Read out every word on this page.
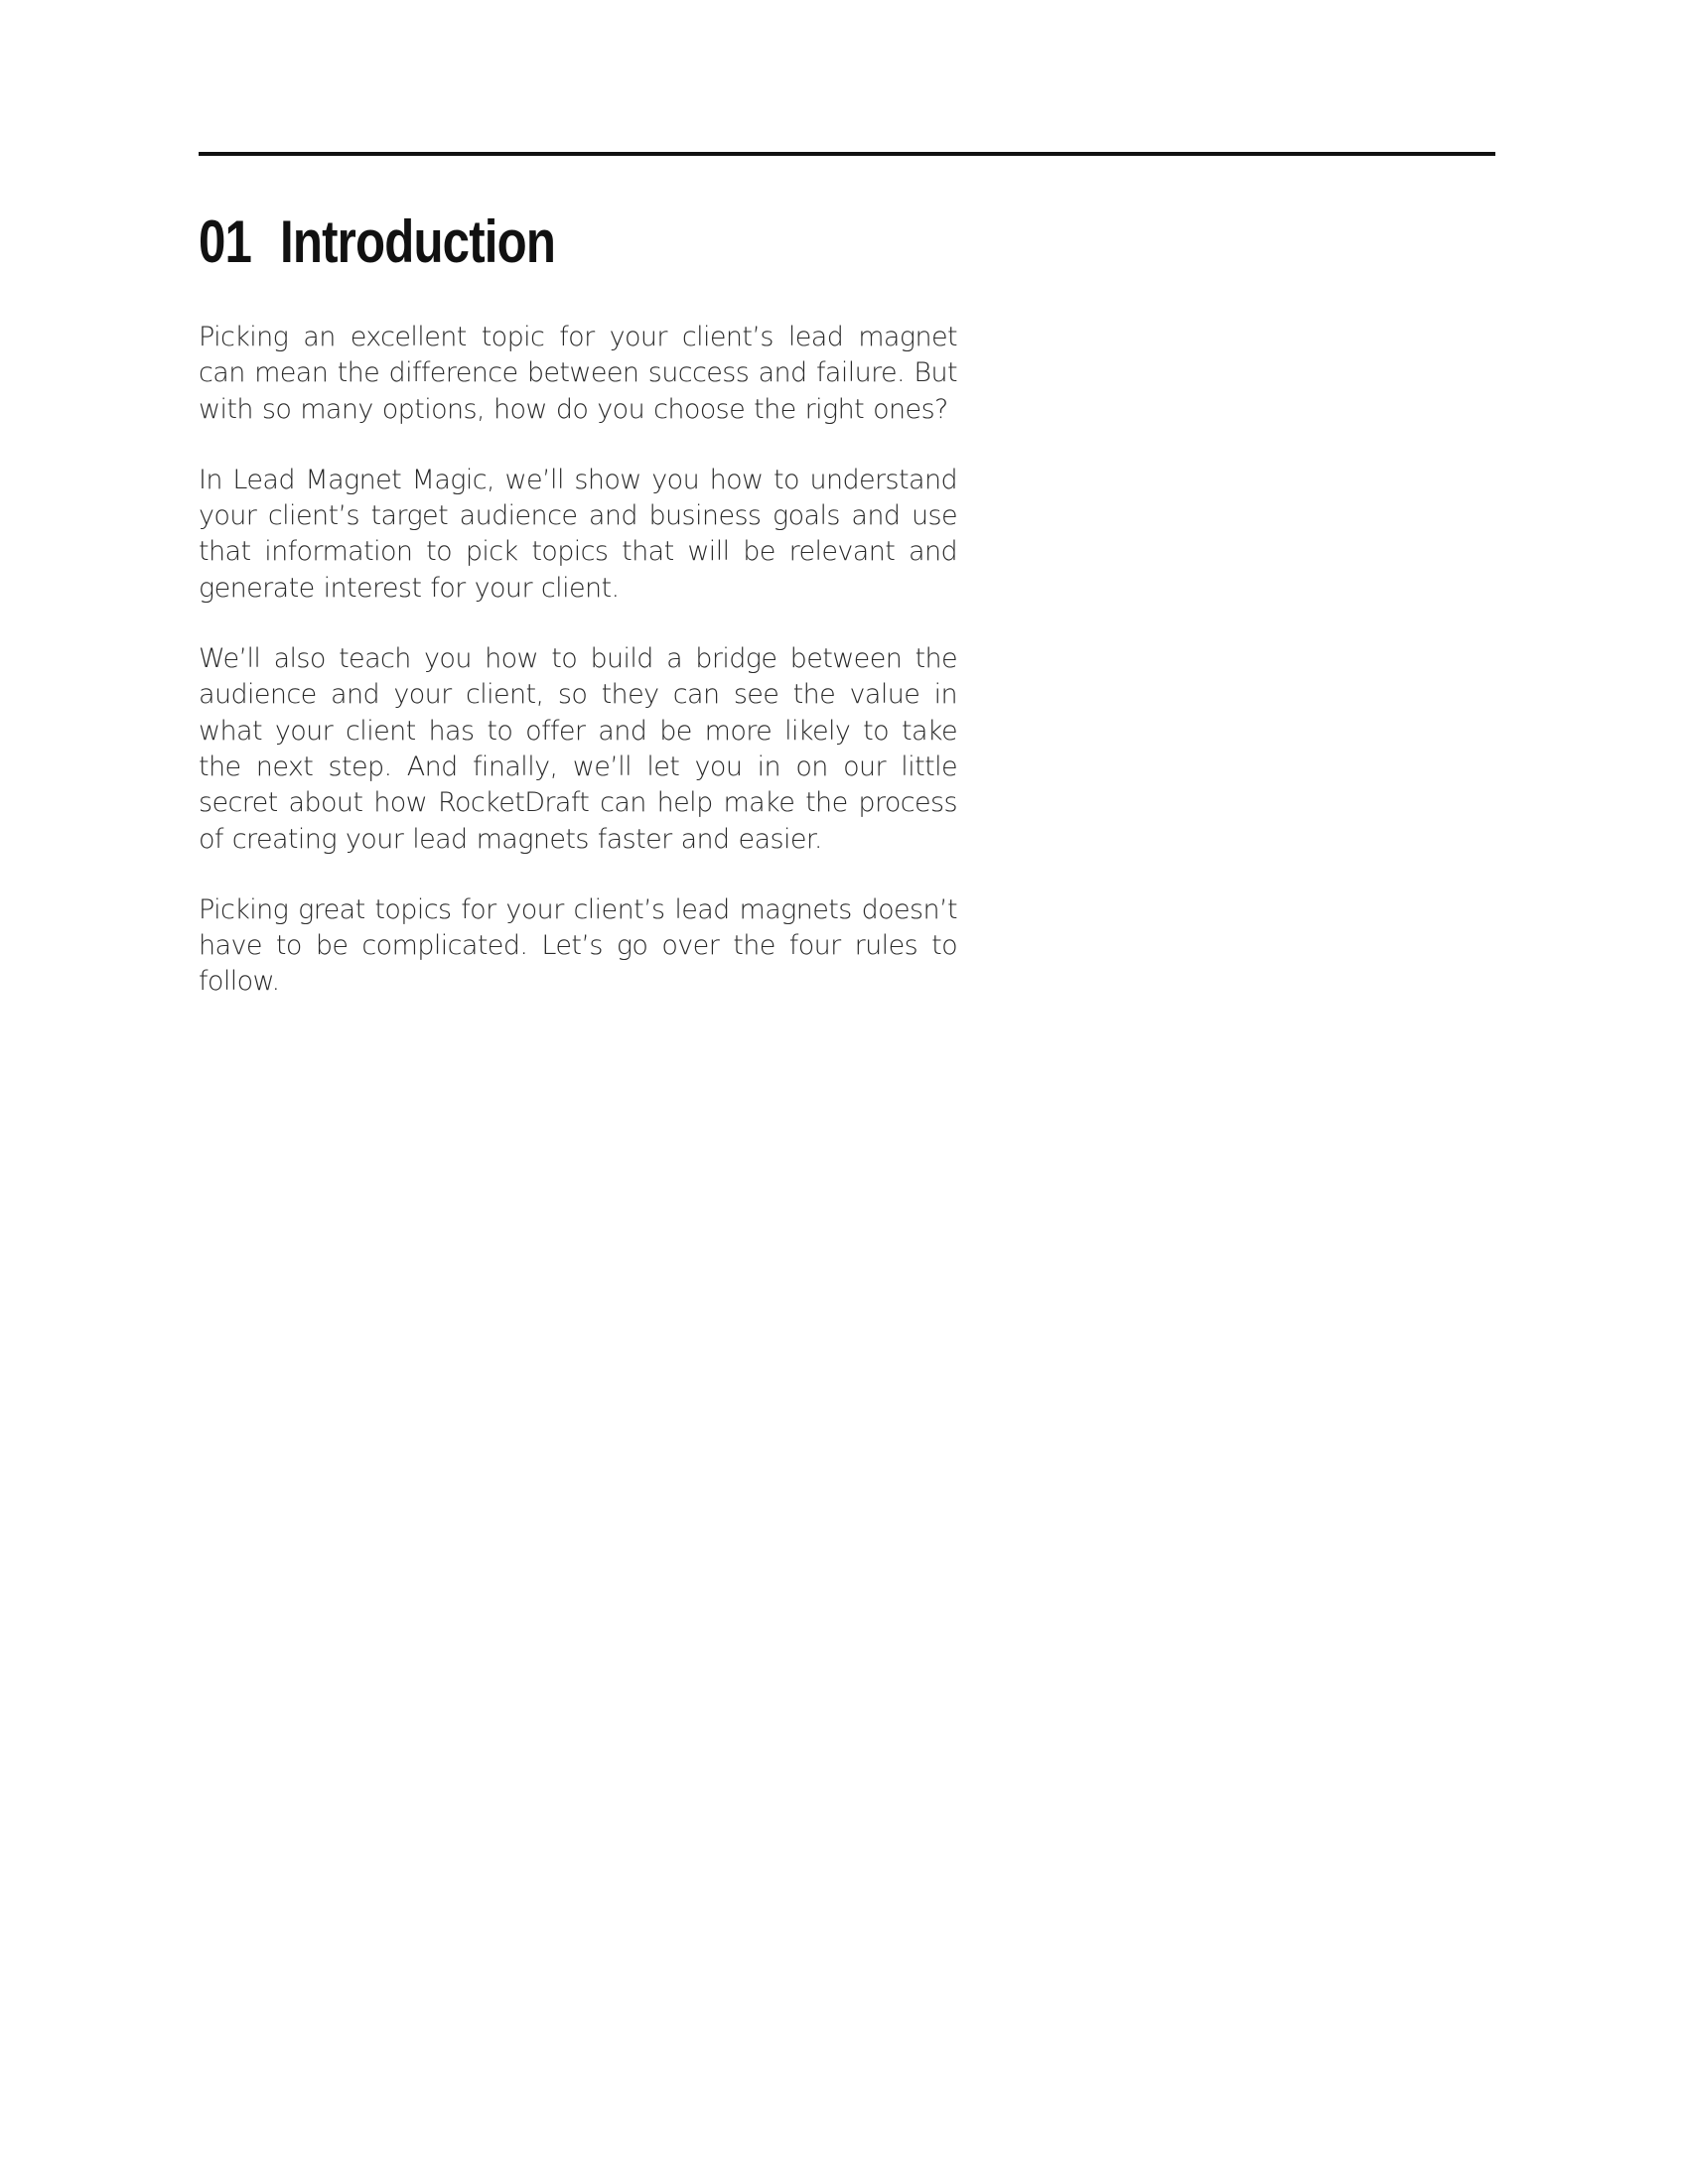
01 Introduction

Picking an excellent topic for your client’s lead magnet can mean the difference between success and failure. But with so many options, how do you choose the right ones?

In Lead Magnet Magic, we’ll show you how to understand your client’s target audience and business goals and use that information to pick topics that will be relevant and generate interest for your client.

We’ll also teach you how to build a bridge between the audience and your client, so they can see the value in what your client has to offer and be more likely to take the next step. And finally, we’ll let you in on our little secret about how RocketDraft can help make the process of creating your lead magnets faster and easier.

Picking great topics for your client’s lead magnets doesn’t have to be complicated. Let’s go over the four rules to follow.
